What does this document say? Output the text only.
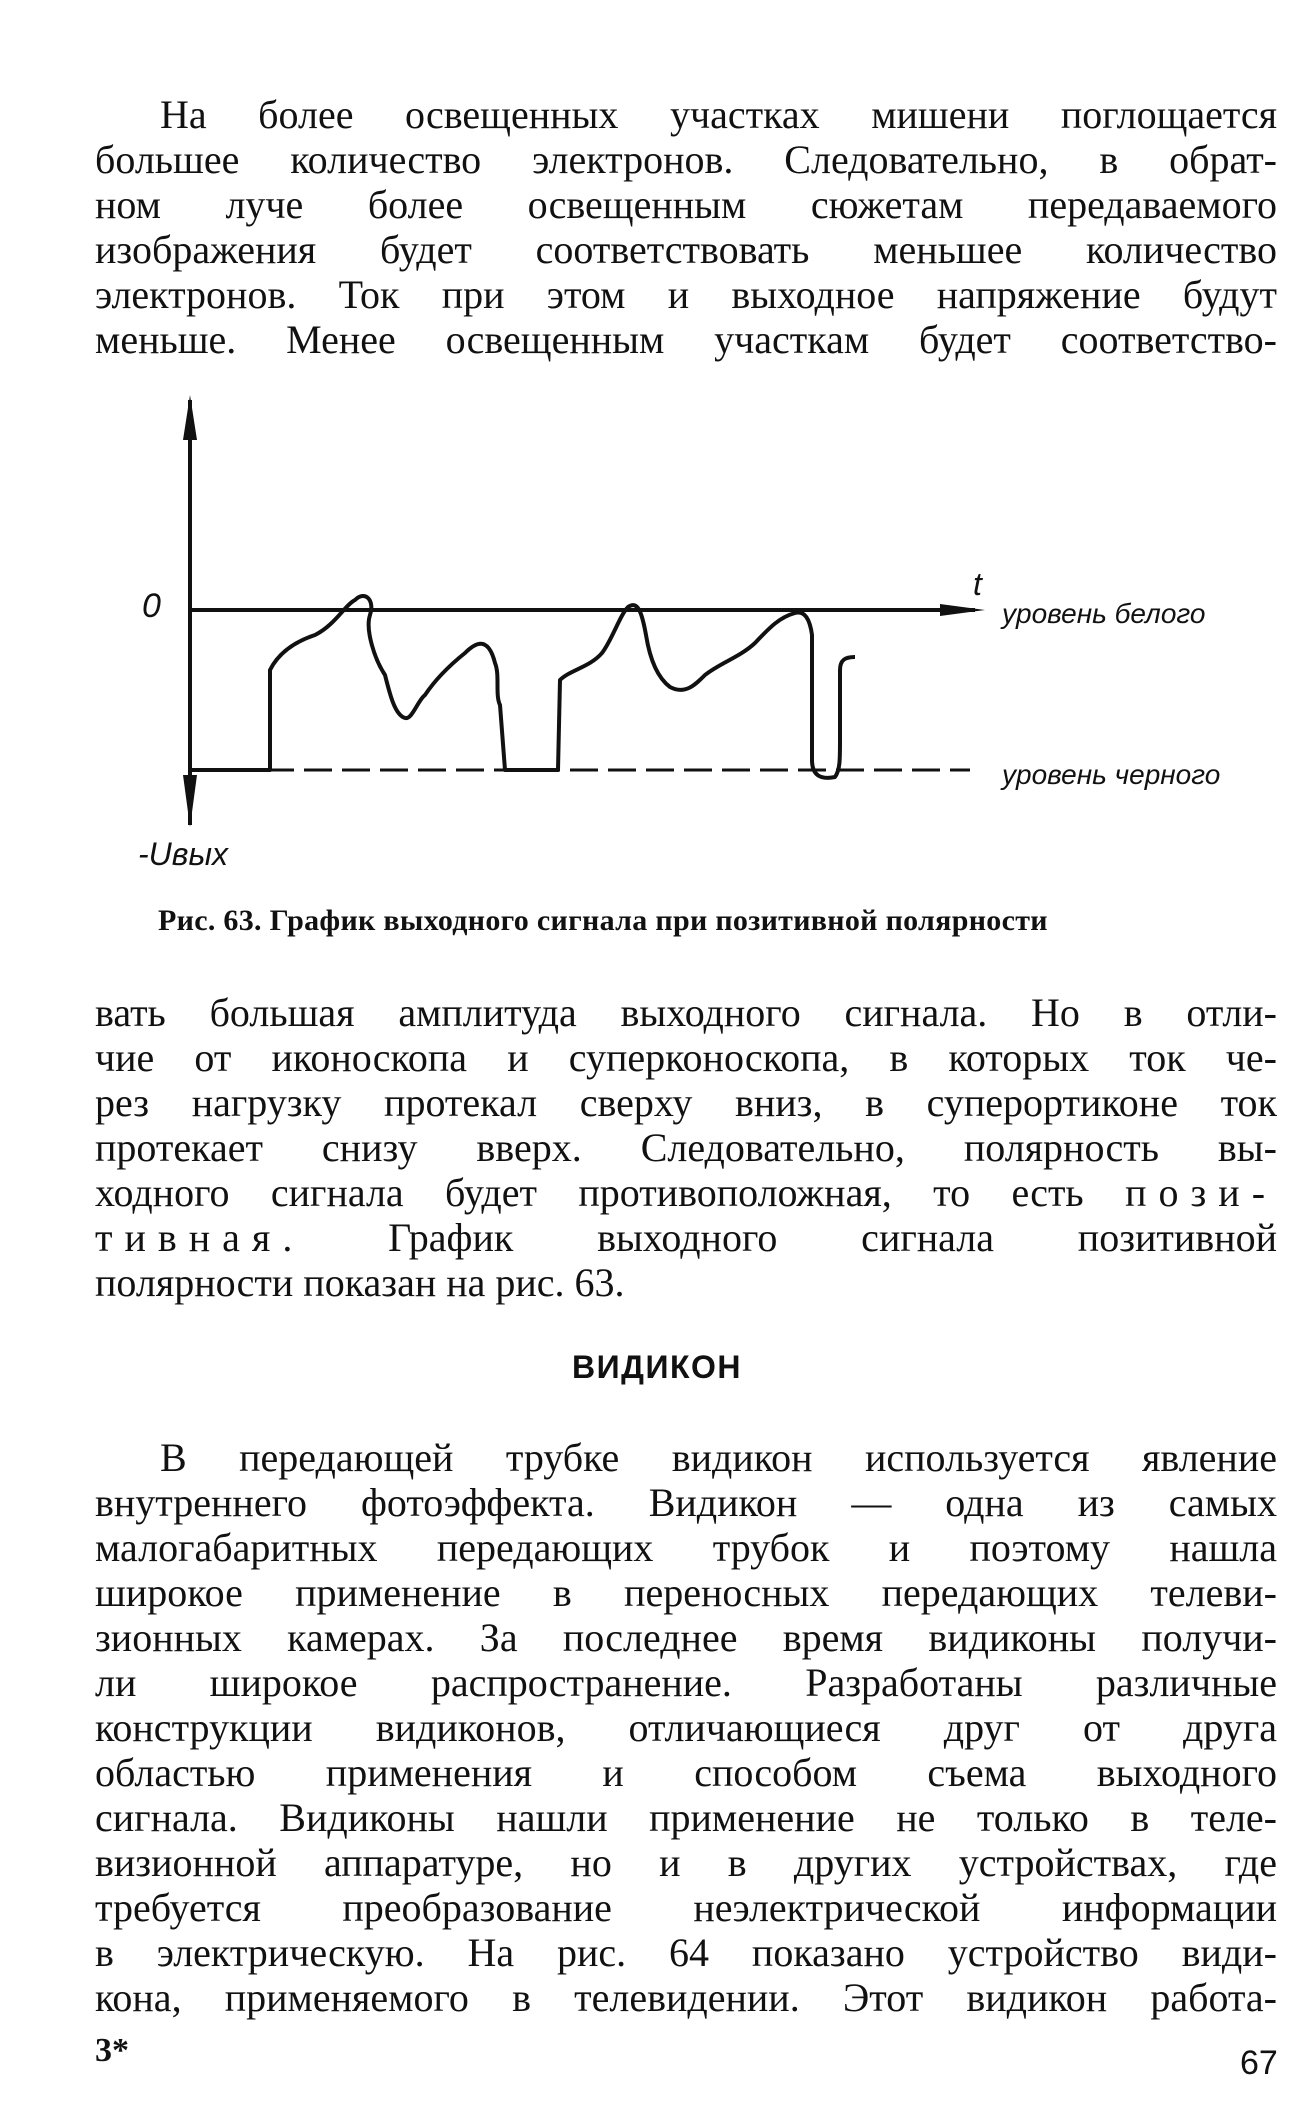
На более освещенных участках мишени поглощается
большее количество электронов. Следовательно, в обрат-
ном луче более освещенным сюжетам передаваемого
изображения будет соответствовать меньшее количество
электронов. Ток при этом и выходное напряжение будут
меньше. Менее освещенным участкам будет соответство-
0
t
уровень белого
уровень черного
-Uвых
Рис. 63. График выходного сигнала при позитивной полярности
вать большая амплитуда выходного сигнала. Но в отли-
чие от иконоскопа и суперконоскопа, в которых ток че-
рез нагрузку протекал сверху вниз, в суперортиконе ток
протекает снизу вверх. Следовательно, полярность вы-
ходного сигнала будет противоположная, то есть пози-
тивная. График выходного сигнала позитивной
полярности показан на рис. 63.
ВИДИКОН
В передающей трубке видикон используется явление
внутреннего фотоэффекта. Видикон — одна из самых
малогабаритных передающих трубок и поэтому нашла
широкое применение в переносных передающих телеви-
зионных камерах. За последнее время видиконы получи-
ли широкое распространение. Разработаны различные
конструкции видиконов, отличающиеся друг от друга
областью применения и способом съема выходного
сигнала. Видиконы нашли применение не только в теле-
визионной аппаратуре, но и в других устройствах, где
требуется преобразование неэлектрической информации
в электрическую. На рис. 64 показано устройство види-
кона, применяемого в телевидении. Этот видикон работа-
3*	67
